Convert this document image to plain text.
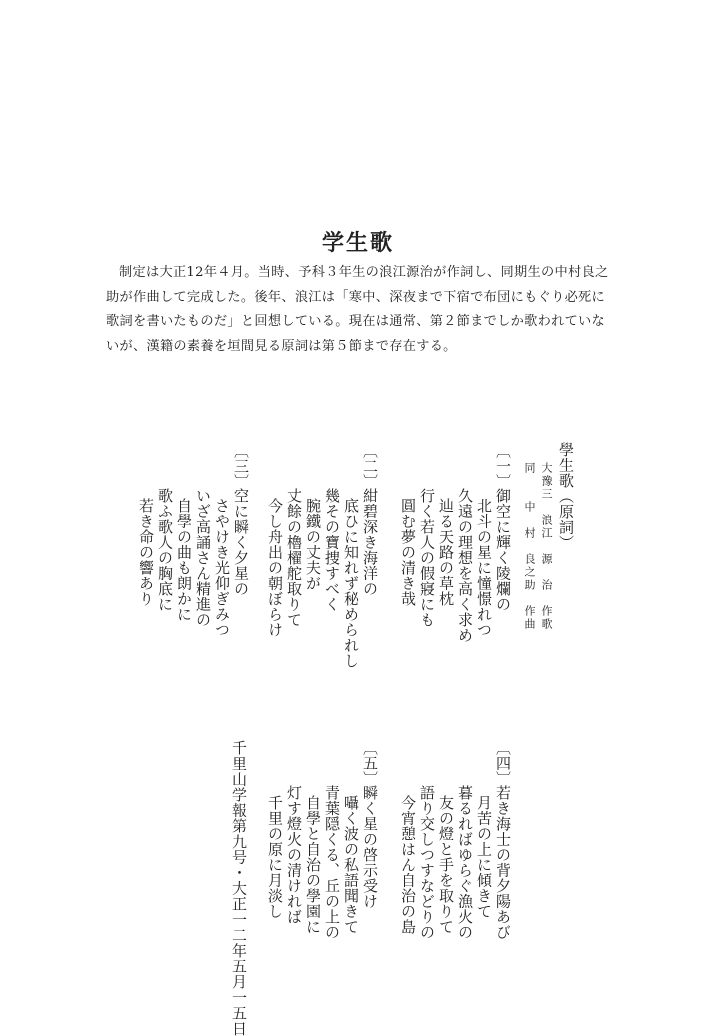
学生歌

制定は大正12年４月。当時、予科３年生の浪江源治が作詞し、同期生の中村良之助が作曲して完成した。後年、浪江は「寒中、深夜まで下宿で布団にもぐり必死に歌詞を書いたものだ」と回想している。現在は通常、第２節までしか歌われていないが、漢籍の素養を垣間見る原詞は第５節まで存在する。

學生歌（原詞）
大豫三　浪江　源　治　作歌
同　　中　村　良之助　作曲
〔一〕
御空に輝く陵爛の
北斗の星に憧憬れつ
久遠の理想を高く求め
辿る天路の草枕
行く若人の假寢にも
圓む夢の清き哉
〔二〕
紺碧深き海洋の
底ひに知れず秘められし
幾その寶捜すべく
腕鐵の丈夫が
丈餘の櫓櫂舵取りて
今し舟出の朝ぼらけ
〔三〕
空に瞬く夕星の
さやけき光仰ぎみつ
いざ高誦さん精進の
自學の曲も朗かに
歌ふ歌人の胸底に
若き命の響あり
〔四〕
若き海士の背夕陽あび
月苦の上に傾きて
暮るればゆらぐ漁火の
友の燈と手を取りて
語り交しつすなどりの
今宵憩はん自治の島
〔五〕
瞬く星の啓示受け
囁く波の私語聞きて
青葉隠くる、丘の上の
自學と自治の學園に
灯す燈火の清ければ
千里の原に月淡し
千里山学報第九号・大正一二年五月一五日
